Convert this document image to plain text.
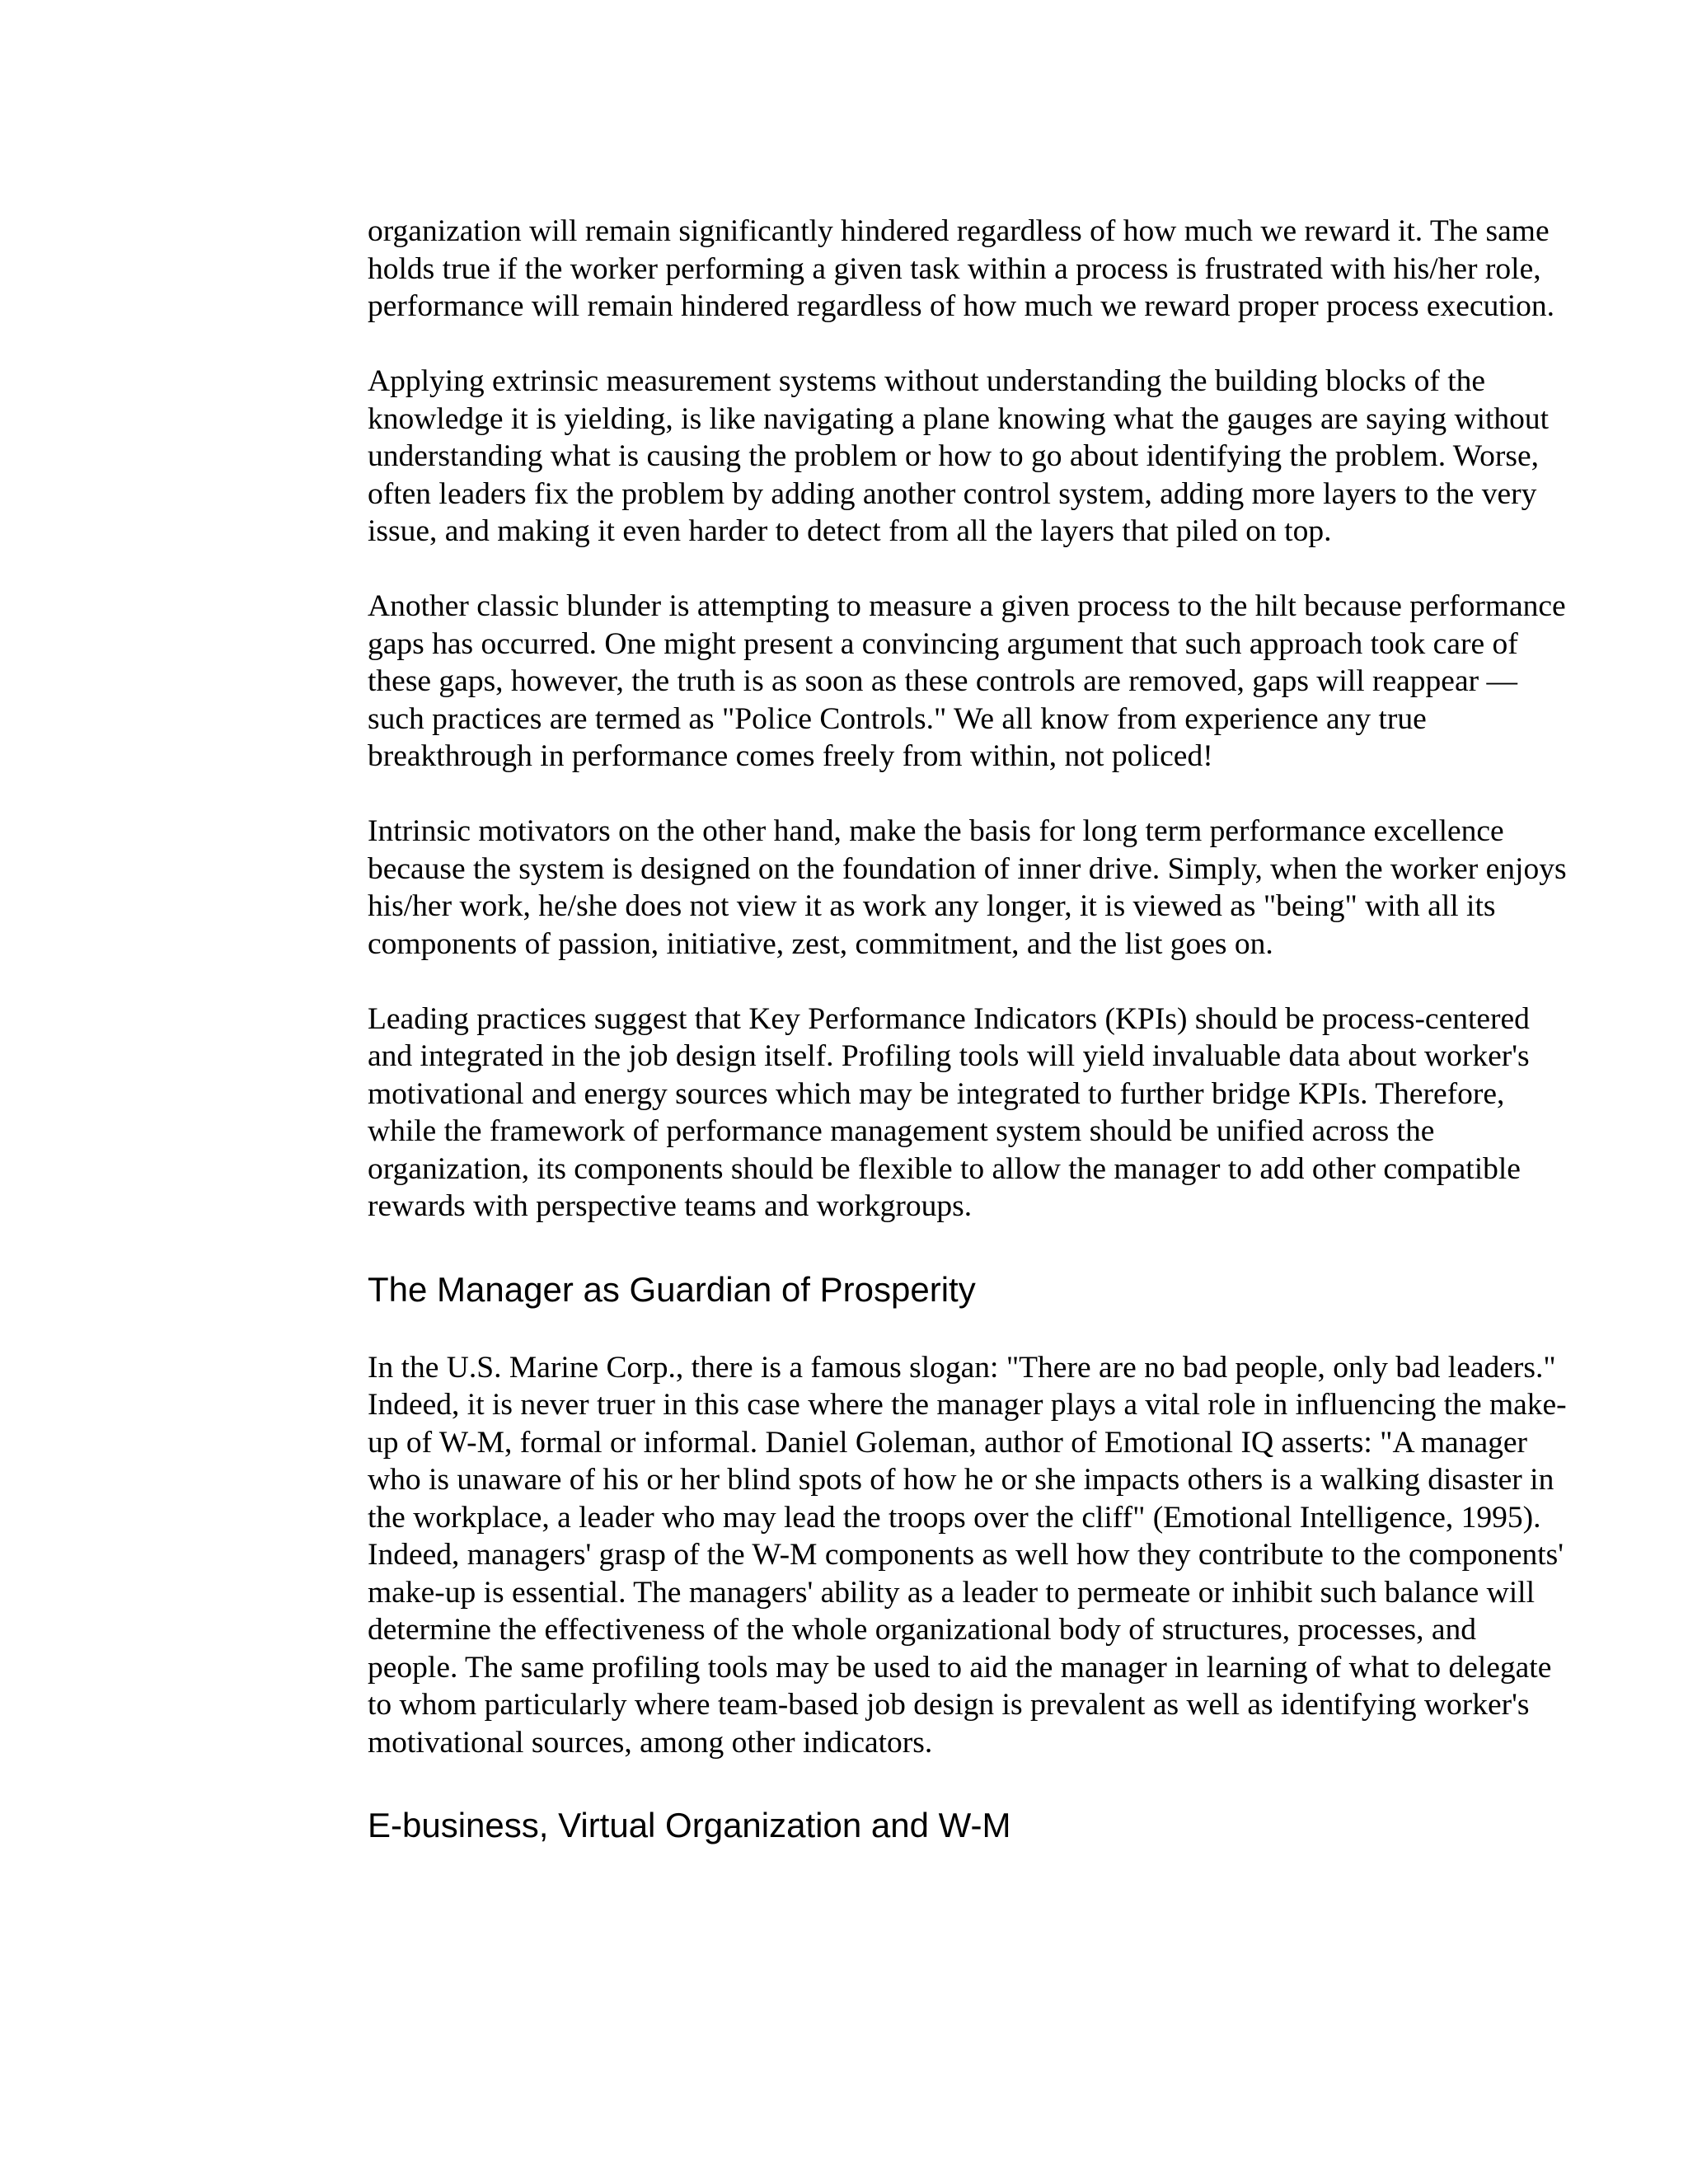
organization will remain significantly hindered regardless of how much we reward it. The same
holds true if the worker performing a given task within a process is frustrated with his/her role,
performance will remain hindered regardless of how much we reward proper process execution.
Applying extrinsic measurement systems without understanding the building blocks of the
knowledge it is yielding, is like navigating a plane knowing what the gauges are saying without
understanding what is causing the problem or how to go about identifying the problem. Worse,
often leaders fix the problem by adding another control system, adding more layers to the very
issue, and making it even harder to detect from all the layers that piled on top.
Another classic blunder is attempting to measure a given process to the hilt because performance
gaps has occurred. One might present a convincing argument that such approach took care of
these gaps, however, the truth is as soon as these controls are removed, gaps will reappear —
such practices are termed as "Police Controls." We all know from experience any true
breakthrough in performance comes freely from within, not policed!
Intrinsic motivators on the other hand, make the basis for long term performance excellence
because the system is designed on the foundation of inner drive. Simply, when the worker enjoys
his/her work, he/she does not view it as work any longer, it is viewed as "being" with all its
components of passion, initiative, zest, commitment, and the list goes on.
Leading practices suggest that Key Performance Indicators (KPIs) should be process-centered
and integrated in the job design itself. Profiling tools will yield invaluable data about worker's
motivational and energy sources which may be integrated to further bridge KPIs. Therefore,
while the framework of performance management system should be unified across the
organization, its components should be flexible to allow the manager to add other compatible
rewards with perspective teams and workgroups.
The Manager as Guardian of Prosperity
In the U.S. Marine Corp., there is a famous slogan: "There are no bad people, only bad leaders."
Indeed, it is never truer in this case where the manager plays a vital role in influencing the make-
up of W-M, formal or informal. Daniel Goleman, author of Emotional IQ asserts: "A manager
who is unaware of his or her blind spots of how he or she impacts others is a walking disaster in
the workplace, a leader who may lead the troops over the cliff" (Emotional Intelligence, 1995).
Indeed, managers' grasp of the W-M components as well how they contribute to the components'
make-up is essential. The managers' ability as a leader to permeate or inhibit such balance will
determine the effectiveness of the whole organizational body of structures, processes, and
people. The same profiling tools may be used to aid the manager in learning of what to delegate
to whom particularly where team-based job design is prevalent as well as identifying worker's
motivational sources, among other indicators.
E-business, Virtual Organization and W-M
